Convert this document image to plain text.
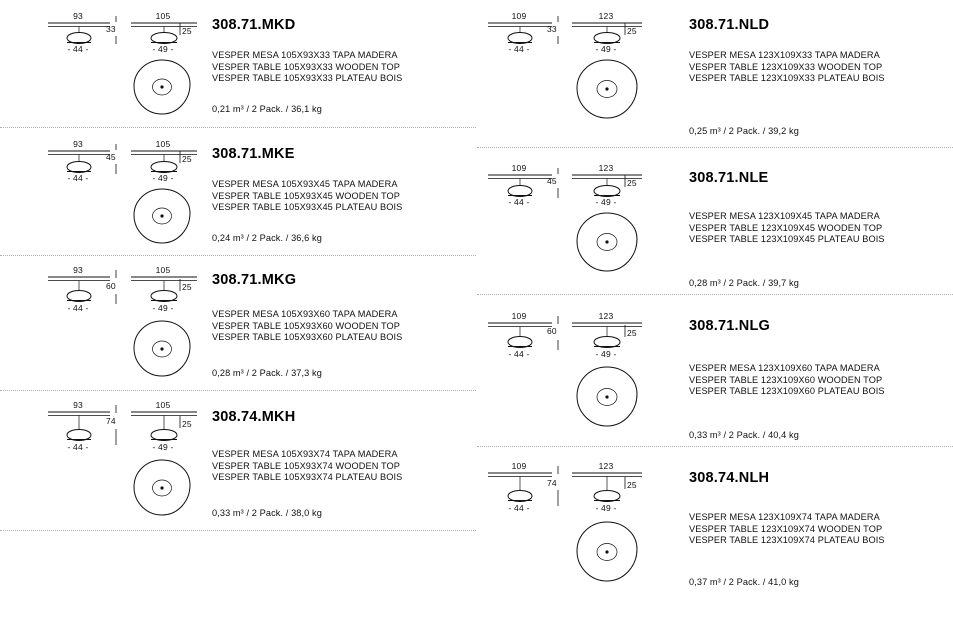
93
- 44 -
33
105
- 49 -
25 308.71.MKD
VESPER MESA 105X93X33 TAPA MADERA
VESPER TABLE 105X93X33 WOODEN TOP
VESPER TABLE 105X93X33 PLATEAU BOIS
0,21 m³ / 2 Pack. / 36,1 kg
93
- 44 -
45
105
- 49 -
25 308.71.MKE
VESPER MESA 105X93X45 TAPA MADERA
VESPER TABLE 105X93X45 WOODEN TOP
VESPER TABLE 105X93X45 PLATEAU BOIS
0,24 m³ / 2 Pack. / 36,6 kg
93
- 44 -
60
105
- 49 -
25 308.71.MKG
VESPER MESA 105X93X60 TAPA MADERA
VESPER TABLE 105X93X60 WOODEN TOP
VESPER TABLE 105X93X60 PLATEAU BOIS
0,28 m³ / 2 Pack. / 37,3 kg
93
- 44 -
74
105
- 49 -
25 308.74.MKH
VESPER MESA 105X93X74 TAPA MADERA
VESPER TABLE 105X93X74 WOODEN TOP
VESPER TABLE 105X93X74 PLATEAU BOIS
0,33 m³ / 2 Pack. / 38,0 kg
109
- 44 -
33
123
- 49 -
25	308.71.NLD
VESPER MESA 123X109X33 TAPA MADERA
VESPER TABLE 123X109X33 WOODEN TOP
VESPER TABLE 123X109X33 PLATEAU BOIS
0,25 m³ / 2 Pack. / 39,2 kg
109
- 44 -
45
123
- 49 -
25	308.71.NLE
VESPER MESA 123X109X45 TAPA MADERA
VESPER TABLE 123X109X45 WOODEN TOP
VESPER TABLE 123X109X45 PLATEAU BOIS
0,28 m³ / 2 Pack. / 39,7 kg
109
- 44 -
60
123
- 49 -
25	308.71.NLG
VESPER MESA 123X109X60 TAPA MADERA
VESPER TABLE 123X109X60 WOODEN TOP
VESPER TABLE 123X109X60 PLATEAU BOIS
0,33 m³ / 2 Pack. / 40,4 kg
109
- 44 -
74
123
- 49 -
25	308.74.NLH
VESPER MESA 123X109X74 TAPA MADERA
VESPER TABLE 123X109X74 WOODEN TOP
VESPER TABLE 123X109X74 PLATEAU BOIS
0,37 m³ / 2 Pack. / 41,0 kg
